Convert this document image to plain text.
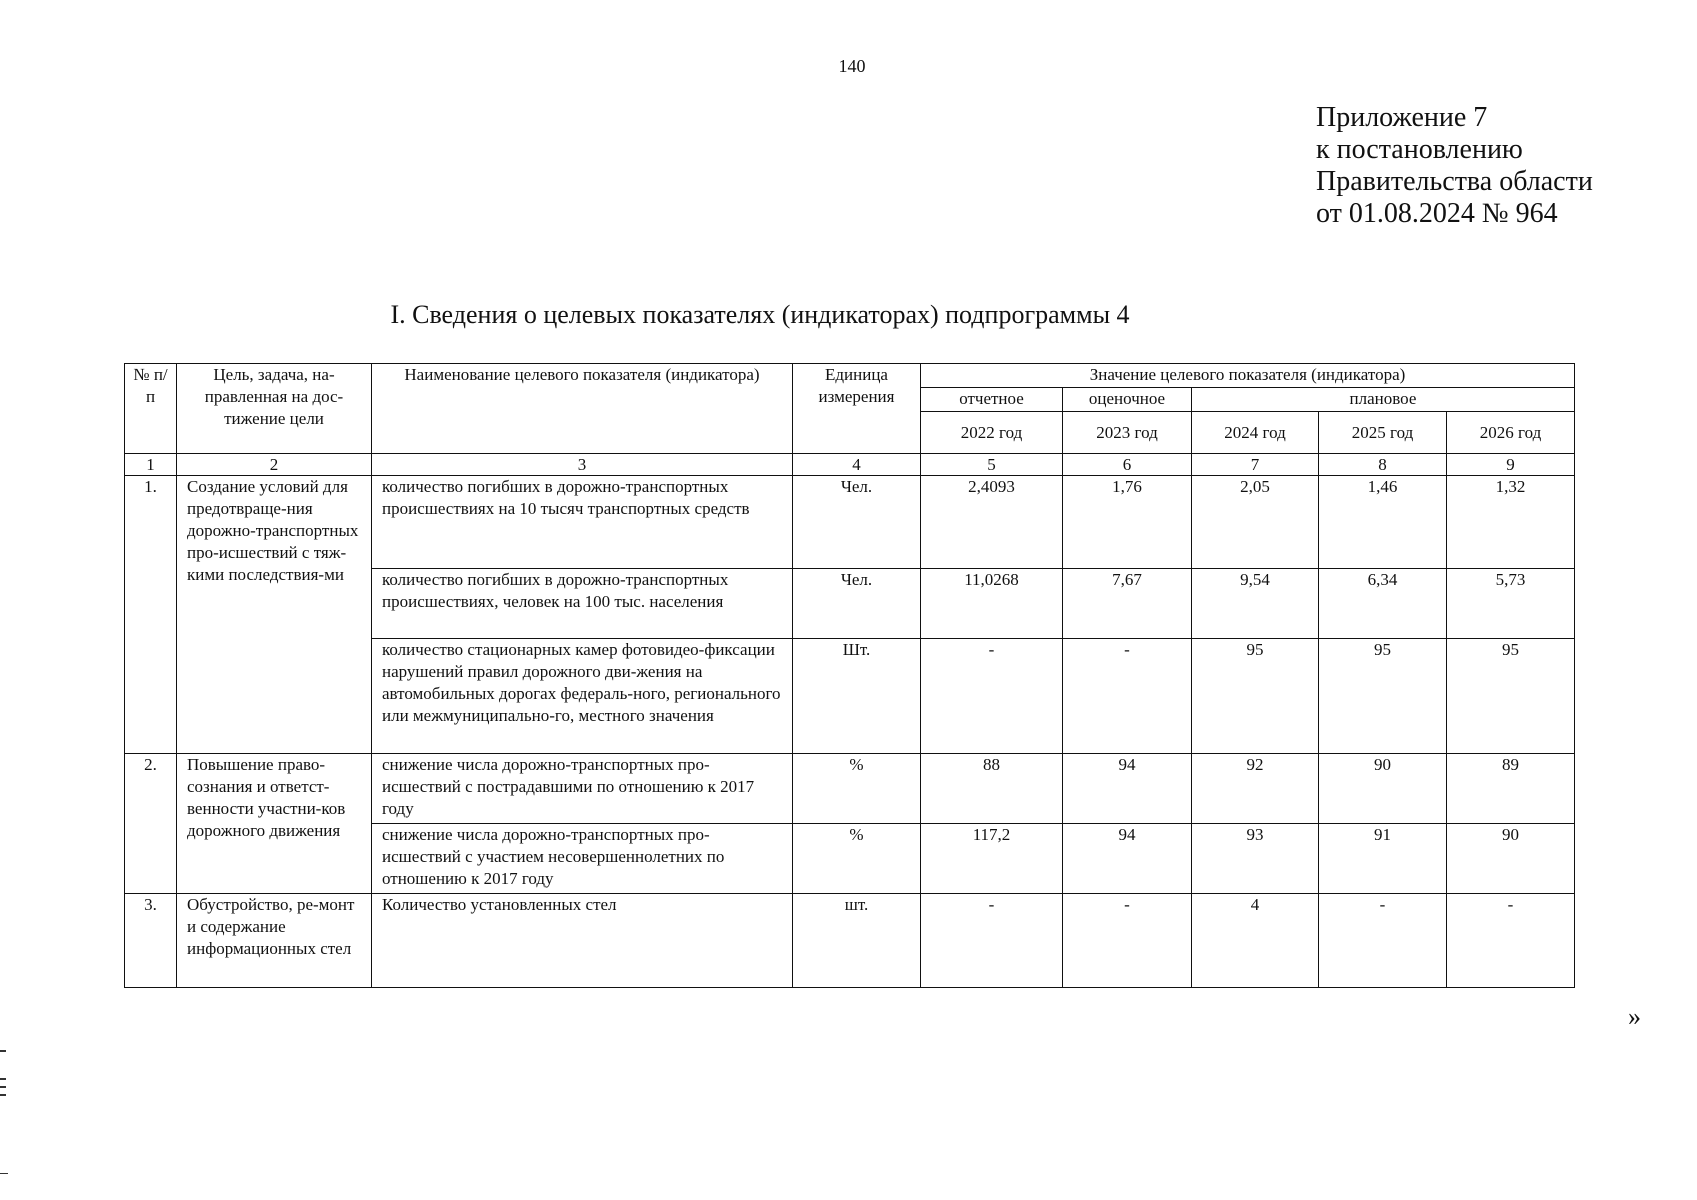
140
Приложение 7
к постановлению
Правительства области
от 01.08.2024 № 964
I. Сведения о целевых показателях (индикаторах) подпрограммы 4
№ п/п	Цель, задача, на-правленная на дос-тижение цели	Наименование целевого показателя (индикатора)	Единица измерения	Значение целевого показателя (индикатора)				
				отчетное	оценочное	плановое		
				2022 год	2023 год	2024 год	2025 год	2026 год
1	2	3	4	5	6	7	8	9
1.	Создание условий для предотвраще-ния дорожно-транспортных про-исшествий с тяж-кими последствия-ми	количество погибших в дорожно-транспортных происшествиях на 10 тысяч транспортных средств	Чел.	2,4093	1,76	2,05	1,46	1,32
		количество погибших в дорожно-транспортных происшествиях, человек на 100 тыс. населения	Чел.	11,0268	7,67	9,54	6,34	5,73
		количество стационарных камер фотовидео-фиксации нарушений правил дорожного дви-жения на автомобильных дорогах федераль-ного, регионального или межмуниципально-го, местного значения	Шт.	-	-	95	95	95
2.	Повышение право-сознания и ответст-венности участни-ков дорожного движения	снижение числа дорожно-транспортных про-исшествий с пострадавшими по отношению к 2017 году	%	88	94	92	90	89
		снижение числа дорожно-транспортных про-исшествий с участием несовершеннолетних по отношению к 2017 году	%	117,2	94	93	91	90
3.	Обустройство, ре-монт и содержание информационных стел	Количество установленных стел	шт.	-	-	4	-	-
»
